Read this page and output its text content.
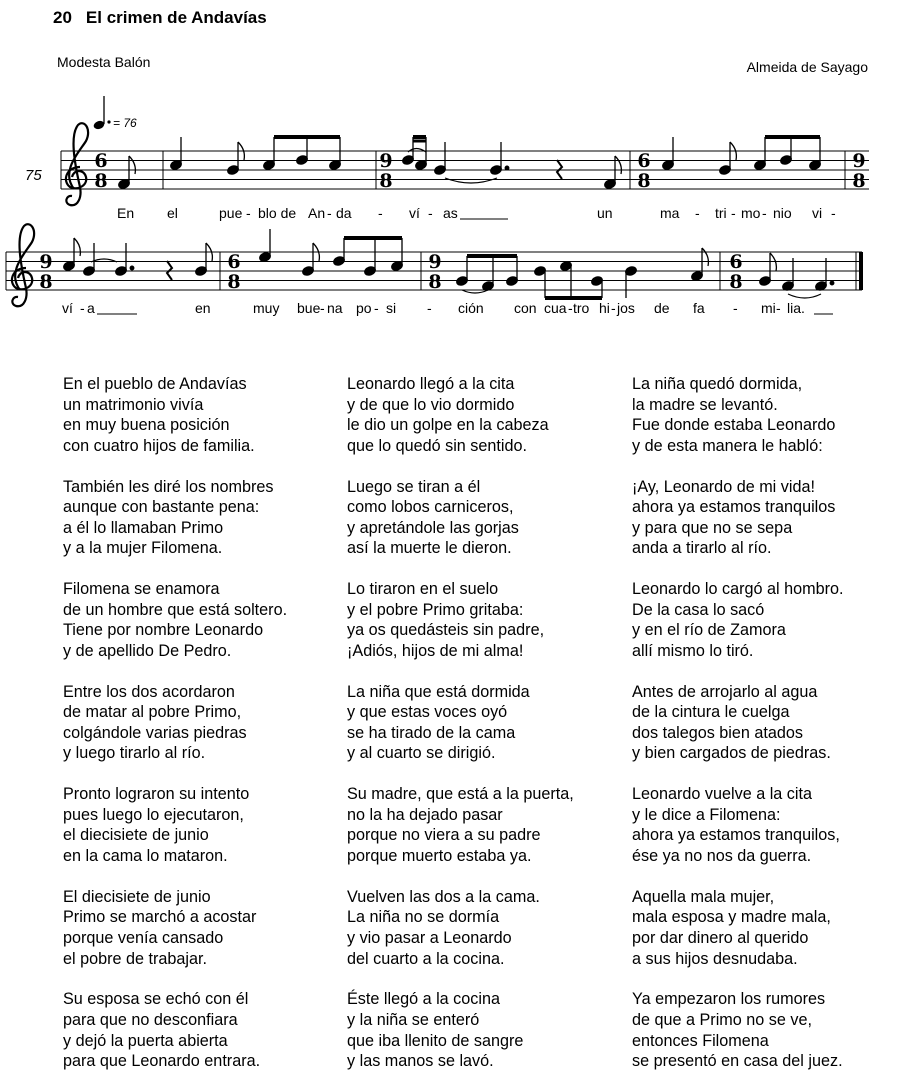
20 El crimen de Andavías
Modesta Balón	Almeida de Sayago
= 76
75
6
8
9
8
6
8
9
8
En el	pue - blo de An - da - ví - as	un	ma - tri - mo - nio vi -
9
8
6
8
9
8
6
8
ví - a	en	muy bue - na po - si - ción con cua - tro hi - jos de fa - mi - lia.
En el pueblo de Andavías
un matrimonio vivía
en muy buena posición
con cuatro hijos de familia.
También les diré los nombres
aunque con bastante pena:
a él lo llamaban Primo
y a la mujer Filomena.
Filomena se enamora
de un hombre que está soltero.
Tiene por nombre Leonardo
y de apellido De Pedro.
Entre los dos acordaron
de matar al pobre Primo,
colgándole varias piedras
y luego tirarlo al río.
Pronto lograron su intento
pues luego lo ejecutaron,
el diecisiete de junio
en la cama lo mataron.
El diecisiete de junio
Primo se marchó a acostar
porque venía cansado
el pobre de trabajar.
Su esposa se echó con él
para que no desconfiara
y dejó la puerta abierta
para que Leonardo entrara.
Leonardo llegó a la cita
y de que lo vio dormido
le dio un golpe en la cabeza
que lo quedó sin sentido.
Luego se tiran a él
como lobos carniceros,
y apretándole las gorjas
así la muerte le dieron.
Lo tiraron en el suelo
y el pobre Primo gritaba:
ya os quedásteis sin padre,
¡Adiós, hijos de mi alma!
La niña que está dormida
y que estas voces oyó
se ha tirado de la cama
y al cuarto se dirigió.
Su madre, que está a la puerta,
no la ha dejado pasar
porque no viera a su padre
porque muerto estaba ya.
Vuelven las dos a la cama.
La niña no se dormía
y vio pasar a Leonardo
del cuarto a la cocina.
Éste llegó a la cocina
y la niña se enteró
que iba llenito de sangre
y las manos se lavó.
La niña quedó dormida,
la madre se levantó.
Fue donde estaba Leonardo
y de esta manera le habló:
¡Ay, Leonardo de mi vida!
ahora ya estamos tranquilos
y para que no se sepa
anda a tirarlo al río.
Leonardo lo cargó al hombro.
De la casa lo sacó
y en el río de Zamora
allí mismo lo tiró.
Antes de arrojarlo al agua
de la cintura le cuelga
dos talegos bien atados
y bien cargados de piedras.
Leonardo vuelve a la cita
y le dice a Filomena:
ahora ya estamos tranquilos,
ése ya no nos da guerra.
Aquella mala mujer,
mala esposa y madre mala,
por dar dinero al querido
a sus hijos desnudaba.
Ya empezaron los rumores
de que a Primo no se ve,
entonces Filomena
se presentó en casa del juez.
